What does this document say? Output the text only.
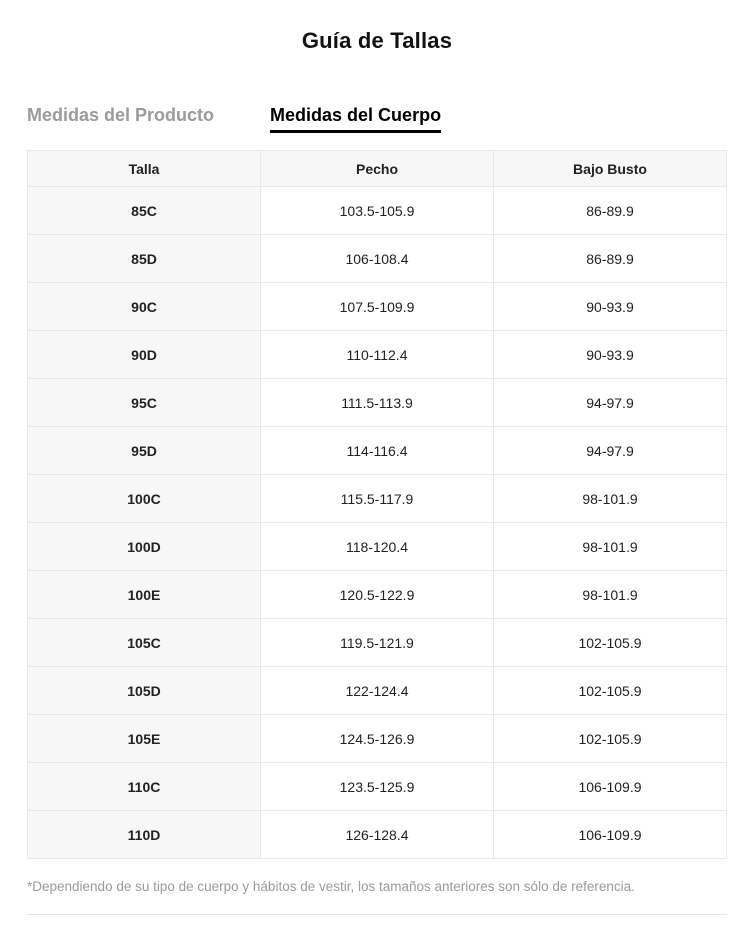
Guía de Tallas
Medidas del Producto	Medidas del Cuerpo
Talla	Pecho	Bajo Busto
85C	103.5-105.9	86-89.9
85D	106-108.4	86-89.9
90C	107.5-109.9	90-93.9
90D	110-112.4	90-93.9
95C	111.5-113.9	94-97.9
95D	114-116.4	94-97.9
100C	115.5-117.9	98-101.9
100D	118-120.4	98-101.9
100E	120.5-122.9	98-101.9
105C	119.5-121.9	102-105.9
105D	122-124.4	102-105.9
105E	124.5-126.9	102-105.9
110C	123.5-125.9	106-109.9
110D	126-128.4	106-109.9

*Dependiendo de su tipo de cuerpo y hábitos de vestir, los tamaños anteriores son sólo de referencia.
